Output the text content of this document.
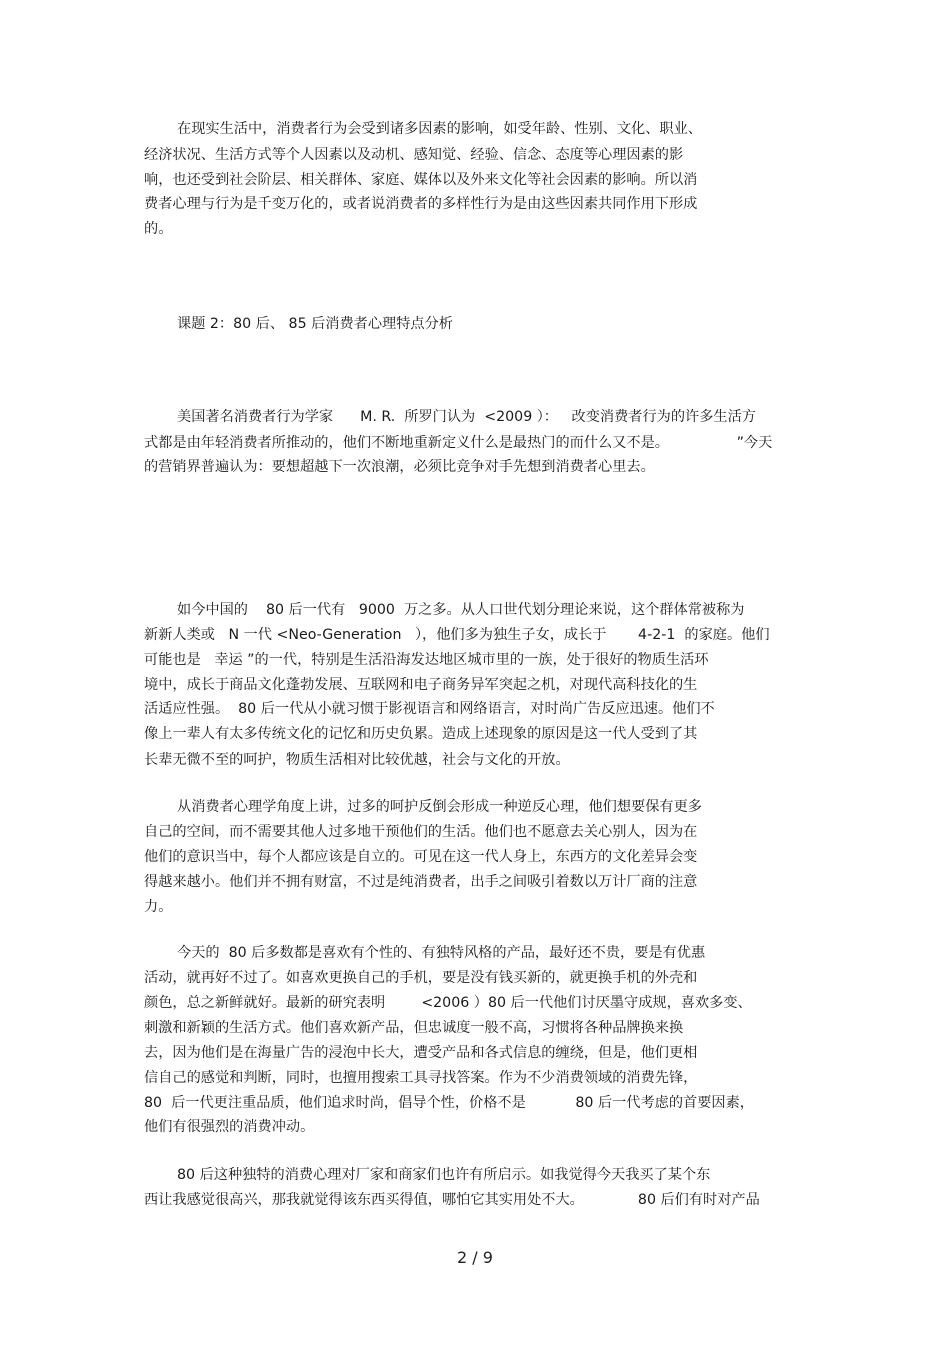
在现实生活中，消费者行为会受到诸多因素的影响，如受年龄、性别、文化、职业、
经济状况、生活方式等个人因素以及动机、感知觉、经验、信念、态度等心理因素的影
响，也还受到社会阶层、相关群体、家庭、媒体以及外来文化等社会因素的影响。所以消
费者心理与行为是千变万化的，或者说消费者的多样性行为是由这些因素共同作用下形成
的。
课题 2：80 后、 85 后消费者心理特点分析
美国著名消费者行为学家      M. R.  所罗门认为  <2009 ）：   改变消费者行为的许多生活方
式都是由年轻消费者所推动的，他们不断地重新定义什么是最热门的而什么又不是。               ”今天
的营销界普遍认为：要想超越下一次浪潮，必须比竞争对手先想到消费者心里去。
如今中国的    80 后一代有   9000  万之多。从人口世代划分理论来说，这个群体常被称为
新新人类或   N 一代 <Neo-Generation   ），他们多为独生子女，成长于       4-2-1  的家庭。他们
可能也是   幸运 ”的一代，特别是生活沿海发达地区城市里的一族，处于很好的物质生活环
境中，成长于商品文化蓬勃发展、互联网和电子商务异军突起之机，对现代高科技化的生
活适应性强。  80 后一代从小就习惯于影视语言和网络语言，对时尚广告反应迅速。他们不
像上一辈人有太多传统文化的记忆和历史负累。造成上述现象的原因是这一代人受到了其
长辈无微不至的呵护，物质生活相对比较优越，社会与文化的开放。
从消费者心理学角度上讲，过多的呵护反倒会形成一种逆反心理，他们想要保有更多
自己的空间，而不需要其他人过多地干预他们的生活。他们也不愿意去关心别人，因为在
他们的意识当中，每个人都应该是自立的。可见在这一代人身上，东西方的文化差异会变
得越来越小。他们并不拥有财富，不过是纯消费者，出手之间吸引着数以万计厂商的注意
力。
今天的  80 后多数都是喜欢有个性的、有独特风格的产品，最好还不贵，要是有优惠
活动，就再好不过了。如喜欢更换自己的手机，要是没有钱买新的，就更换手机的外壳和
颜色，总之新鲜就好。最新的研究表明        <2006 ）80 后一代他们讨厌墨守成规，喜欢多变、
刺激和新颖的生活方式。他们喜欢新产品，但忠诚度一般不高，习惯将各种品牌换来换
去，因为他们是在海量广告的浸泡中长大，遭受产品和各式信息的缠绕，但是，他们更相
信自己的感觉和判断，同时，也擅用搜索工具寻找答案。作为不少消费领域的消费先锋，
80  后一代更注重品质，他们追求时尚，倡导个性，价格不是           80 后一代考虑的首要因素，
他们有很强烈的消费冲动。
80 后这种独特的消费心理对厂家和商家们也许有所启示。如我觉得今天我买了某个东
西让我感觉很高兴，那我就觉得该东西买得值，哪怕它其实用处不大。            80 后们有时对产品
2 / 9
